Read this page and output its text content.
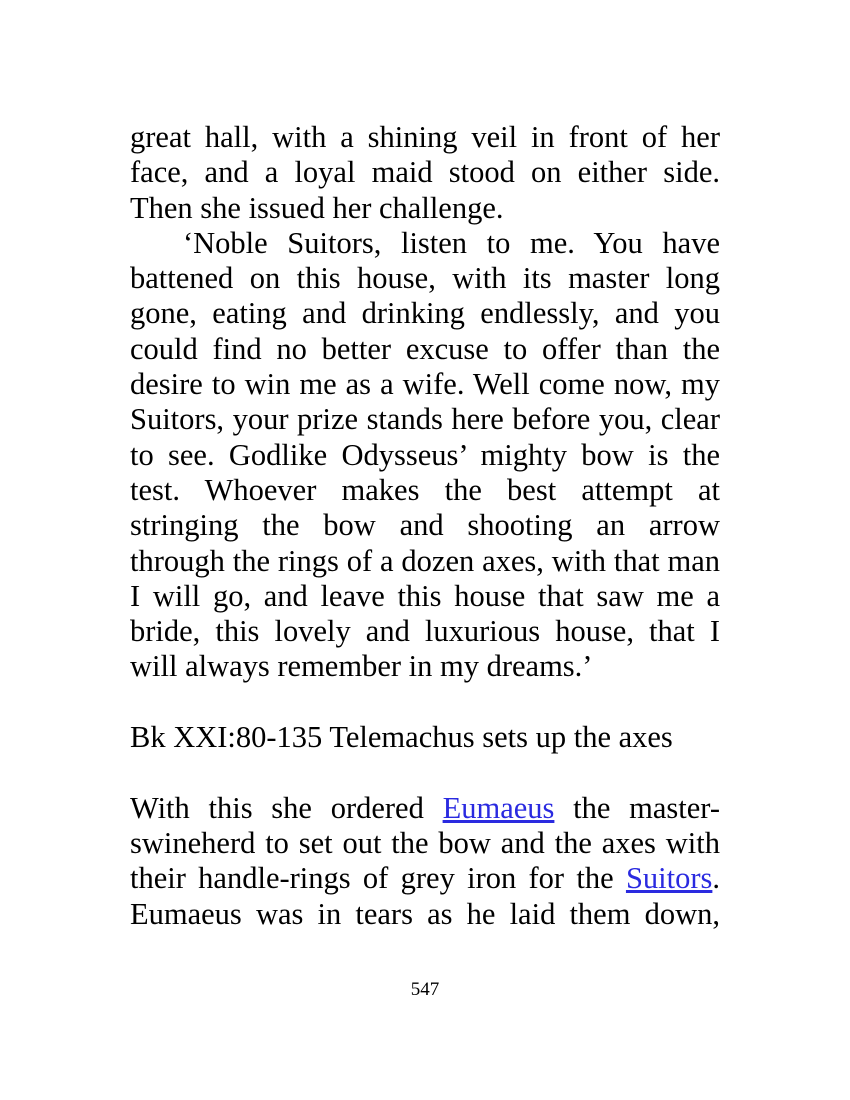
great hall, with a shining veil in front of her
face, and a loyal maid stood on either side.
Then she issued her challenge.
‘Noble Suitors, listen to me. You have
battened on this house, with its master long
gone, eating and drinking endlessly, and you
could find no better excuse to offer than the
desire to win me as a wife. Well come now, my
Suitors, your prize stands here before you, clear
to see. Godlike Odysseus’ mighty bow is the
test. Whoever makes the best attempt at
stringing the bow and shooting an arrow
through the rings of a dozen axes, with that man
I will go, and leave this house that saw me a
bride, this lovely and luxurious house, that I
will always remember in my dreams.’
Bk XXI:80-135 Telemachus sets up the axes
With this she ordered Eumaeus the master-
swineherd to set out the bow and the axes with
their handle-rings of grey iron for the Suitors.
Eumaeus was in tears as he laid them down,
547
